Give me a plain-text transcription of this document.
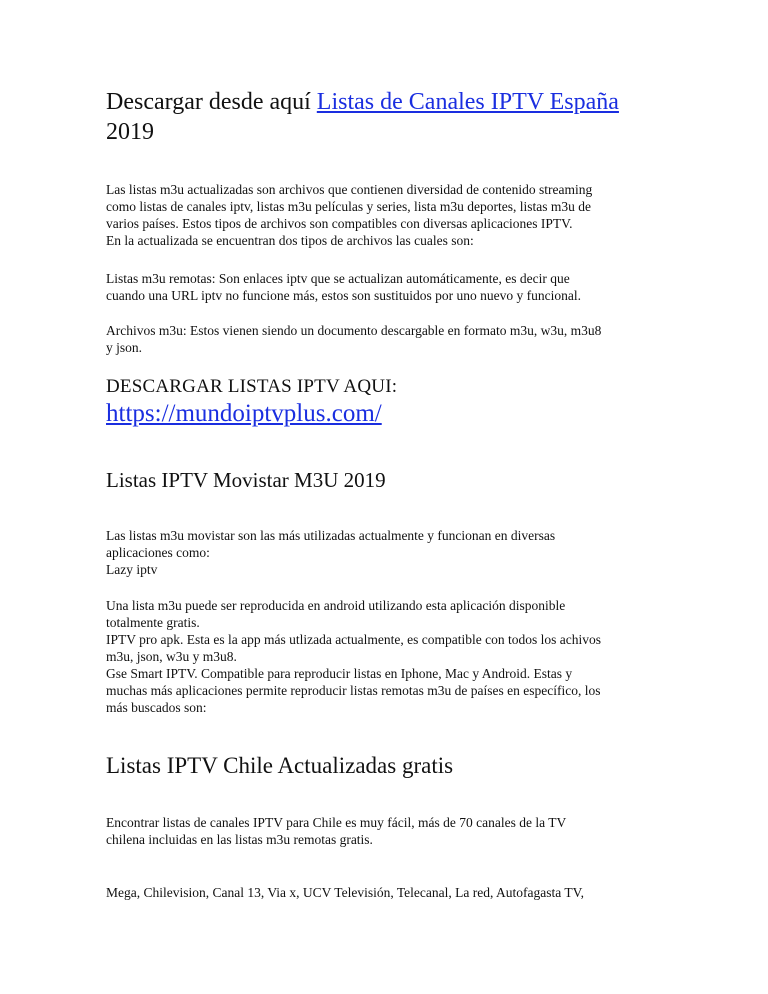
Descargar desde aquí Listas de Canales IPTV España
2019
Las listas m3u actualizadas son archivos que contienen diversidad de contenido streaming
como listas de canales iptv, listas m3u películas y series, lista m3u deportes, listas m3u de
varios países. Estos tipos de archivos son compatibles con diversas aplicaciones IPTV.
En la actualizada se encuentran dos tipos de archivos las cuales son:
Listas m3u remotas: Son enlaces iptv que se actualizan automáticamente, es decir que
cuando una URL iptv no funcione más, estos son sustituidos por uno nuevo y funcional.
Archivos m3u: Estos vienen siendo un documento descargable en formato m3u, w3u, m3u8
y json.
DESCARGAR LISTAS IPTV AQUI:
https://mundoiptvplus.com/
Listas IPTV Movistar M3U 2019
Las listas m3u movistar son las más utilizadas actualmente y funcionan en diversas
aplicaciones como:
Lazy iptv
Una lista m3u puede ser reproducida en android utilizando esta aplicación disponible
totalmente gratis.
IPTV pro apk. Esta es la app más utlizada actualmente, es compatible con todos los achivos
m3u, json, w3u y m3u8.
Gse Smart IPTV. Compatible para reproducir listas en Iphone, Mac y Android. Estas y
muchas más aplicaciones permite reproducir listas remotas m3u de países en específico, los
más buscados son:
Listas IPTV Chile Actualizadas gratis
Encontrar listas de canales IPTV para Chile es muy fácil, más de 70 canales de la TV
chilena incluidas en las listas m3u remotas gratis.
Mega, Chilevision, Canal 13, Via x, UCV Televisión, Telecanal, La red, Autofagasta TV,
